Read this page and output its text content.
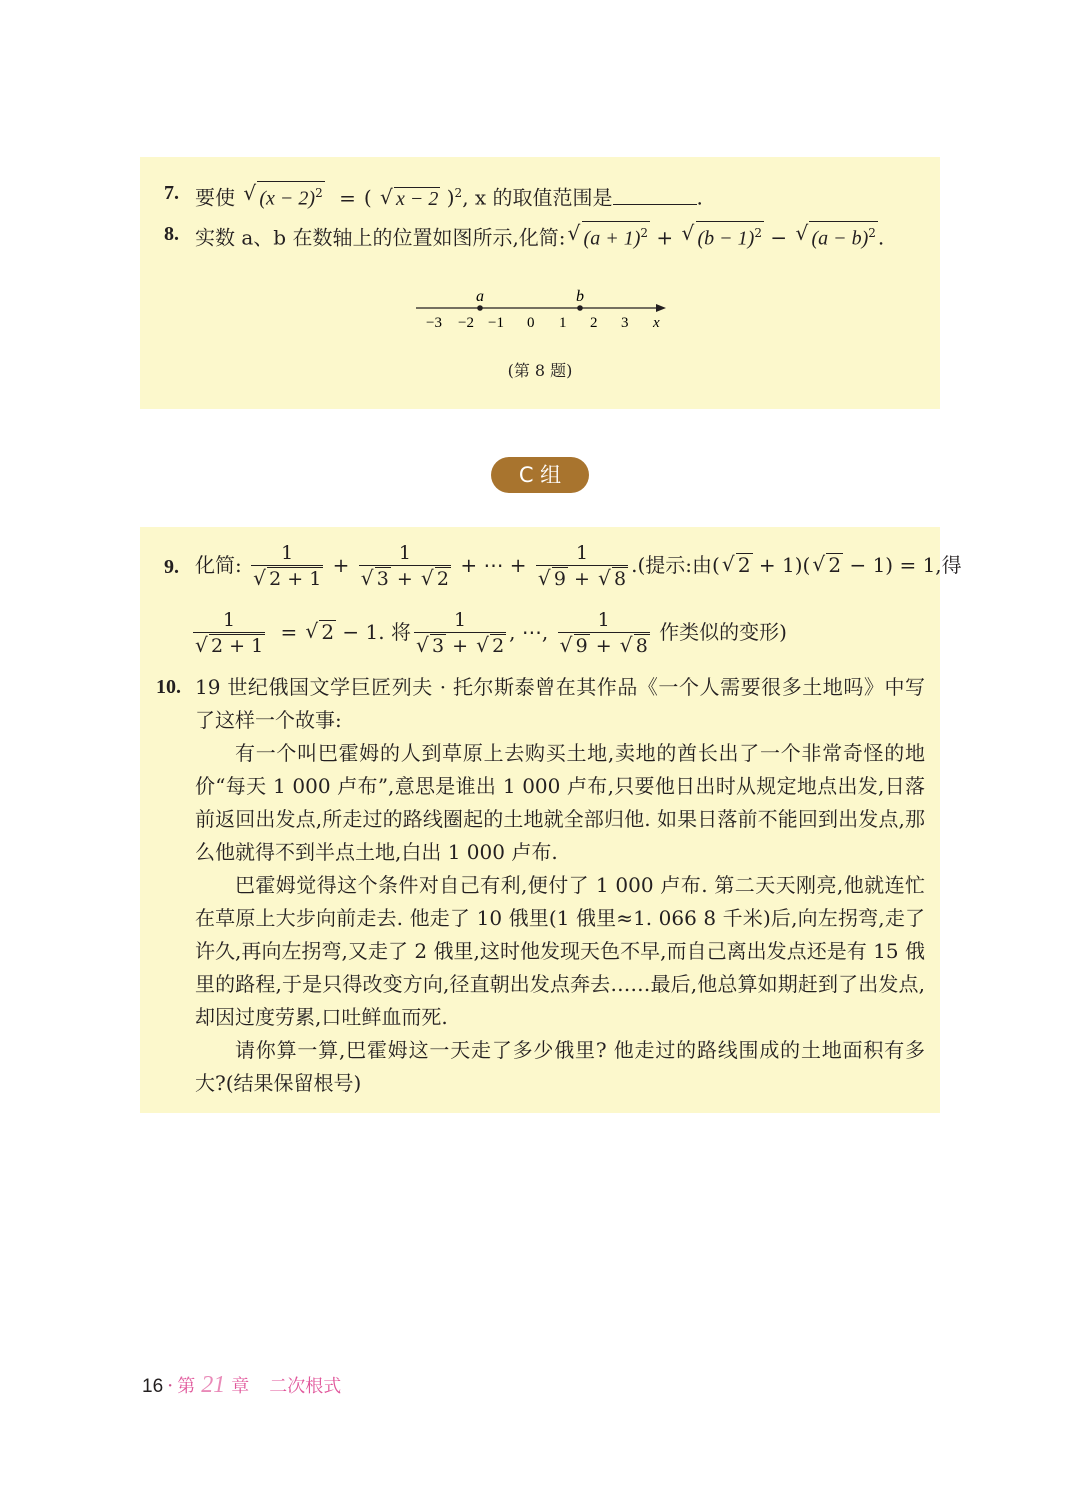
7. 要使 √ $(x - 2)^2$ = ( √ x − 2 )$^2$, x 的取值范围是	.
8. 实数 a、b 在数轴上的位置如图所示,化简: √ $(a + 1)^2$ + √ $(b - 1)^2$ − √ $(a - b)^2$ .
a	b
−3 −2 −1 0 1 2 3 x
(第 8 题)
C 组
9. 化简: 1
√ 2 + 1 + 1
√ 3 + √ 2 + ⋯ + 1
√ 9 + √ 8 .(提示:由( √ 2 + 1)( √ 2 − 1) = 1,得
1
√ 2 + 1 = √ 2 − 1. 将 1
√ 3 + √ 2 , ⋯, 1
√ 9 + √ 8 作类似的变形)
10. 19 世纪俄国文学巨匠列夫 · 托尔斯泰曾在其作品《一个人需要很多土地吗》中写了这样一个故事:

有一个叫巴霍姆的人到草原上去购买土地,卖地的酋长出了一个非常奇怪的地价“每天 1 000 卢布”,意思是谁出 1 000 卢布,只要他日出时从规定地点出发,日落前返回出发点,所走过的路线圈起的土地就全部归他. 如果日落前不能回到出发点,那么他就得不到半点土地,白出 1 000 卢布.

巴霍姆觉得这个条件对自己有利,便付了 1 000 卢布. 第二天天刚亮,他就连忙在草原上大步向前走去. 他走了 10 俄里(1 俄里≈1. 066 8 千米)后,向左拐弯,走了许久,再向左拐弯,又走了 2 俄里,这时他发现天色不早,而自己离出发点还是有 15 俄里的路程,于是只得改变方向,径直朝出发点奔去……最后,他总算如期赶到了出发点,却因过度劳累,口吐鲜血而死.

请你算一算,巴霍姆这一天走了多少俄里? 他走过的路线围成的土地面积有多大?(结果保留根号)

16 · 第 21 章 二次根式
